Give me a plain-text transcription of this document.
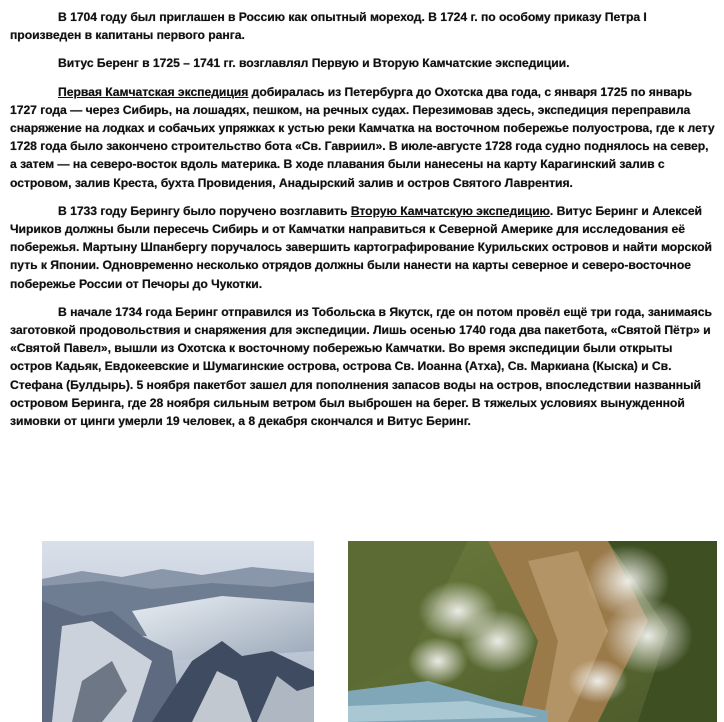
В 1704 году был приглашен в Россию как опытный мореход. В 1724 г. по особому приказу Петра I произведен в капитаны первого ранга.

Витус Беренг в 1725 – 1741 гг. возглавлял Первую и Вторую Камчатские экспедиции.

Первая Камчатская экспедиция добиралась из Петербурга до Охотска два года, с января 1725 по январь 1727 года — через Сибирь, на лошадях, пешком, на речных судах. Перезимовав здесь, экспедиция переправила снаряжение на лодках и собачьих упряжках к устью реки Камчатка на восточном побережье полуострова, где к лету 1728 года было закончено строительство бота «Св. Гавриил». В июле-августе 1728 года судно поднялось на север, а затем — на северо-восток вдоль материка. В ходе плавания были нанесены на карту Карагинский залив с островом, залив Креста, бухта Провидения, Анадырский залив и остров Святого Лаврентия.

В 1733 году Берингу было поручено возглавить Вторую Камчатскую экспедицию. Витус Беринг и Алексей Чириков должны были пересечь Сибирь и от Камчатки направиться к Северной Америке для исследования её побережья. Мартыну Шпанбергу поручалось завершить картографирование Курильских островов и найти морской путь к Японии. Одновременно несколько отрядов должны были нанести на карты северное и северо-восточное побережье России от Печоры до Чукотки.

В начале 1734 года Беринг отправился из Тобольска в Якутск, где он потом провёл ещё три года, занимаясь заготовкой продовольствия и снаряжения для экспедиции. Лишь осенью 1740 года два пакетбота, «Святой Пётр» и «Святой Павел», вышли из Охотска к восточному побережью Камчатки. Во время экспедиции были открыты остров Кадьяк, Евдокеевские и Шумагинские острова, острова Св. Иоанна (Атха), Св. Маркиана (Кыска) и Св. Стефана (Булдырь). 5 ноября пакетбот зашел для пополнения запасов воды на остров, впоследствии названный островом Беринга, где 28 ноября сильным ветром был выброшен на берег. В тяжелых условиях вынужденной зимовки от цинги умерли 19 человек, а 8 декабря скончался и Витус Беринг.
